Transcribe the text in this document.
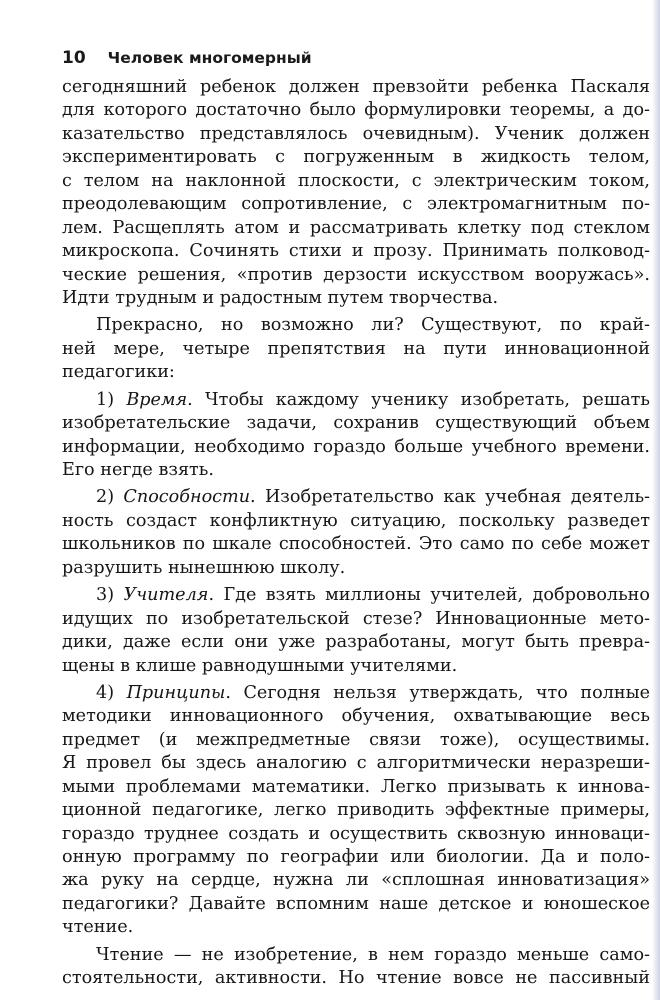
10 Человек многомерный
сегодняшний ребенок должен превзойти ребенка Паскаля
для которого достаточно было формулировки теоремы, а до-
казательство представлялось очевидным). Ученик должен
экспериментировать с погруженным в жидкость телом,
с телом на наклонной плоскости, с электрическим током,
преодолевающим сопротивление, с электромагнитным по-
лем. Расщеплять атом и рассматривать клетку под стеклом
микроскопа. Сочинять стихи и прозу. Принимать полковод-
ческие решения, «против дерзости искусством вооружась».
Идти трудным и радостным путем творчества.
Прекрасно, но возможно ли? Существуют, по край-
ней мере, четыре препятствия на пути инновационной
педагогики:
1) Время. Чтобы каждому ученику изобретать, решать
изобретательские задачи, сохранив существующий объем
информации, необходимо гораздо больше учебного времени.
Его негде взять.
2) Способности. Изобретательство как учебная деятель-
ность создаст конфликтную ситуацию, поскольку разведет
школьников по шкале способностей. Это само по себе может
разрушить нынешнюю школу.
3) Учителя. Где взять миллионы учителей, добровольно
идущих по изобретательской стезе? Инновационные мето-
дики, даже если они уже разработаны, могут быть превра-
щены в клише равнодушными учителями.
4) Принципы. Сегодня нельзя утверждать, что полные
методики инновационного обучения, охватывающие весь
предмет (и межпредметные связи тоже), осуществимы.
Я провел бы здесь аналогию с алгоритмически неразреши-
мыми проблемами математики. Легко призывать к иннова-
ционной педагогике, легко приводить эффектные примеры,
гораздо труднее создать и осуществить сквозную инноваци-
онную программу по географии или биологии. Да и поло-
жа руку на сердце, нужна ли «сплошная инноватизация»
педагогики? Давайте вспомним наше детское и юношеское
чтение.
Чтение — не изобретение, в нем гораздо меньше само-
стоятельности, активности. Но чтение вовсе не пассивный
